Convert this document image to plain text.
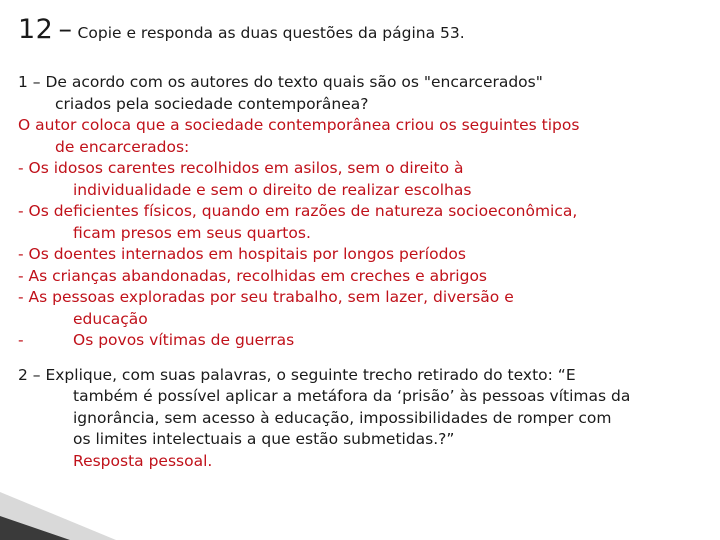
12 – Copie e responda as duas questões da página 53.
1 – De acordo com os autores do texto quais são os "encarcerados"
criados pela sociedade contemporânea?
O autor coloca que a sociedade contemporânea criou os seguintes tipos
de encarcerados:
- Os idosos carentes recolhidos em asilos, sem o direito à
individualidade e sem o direito de realizar escolhas
- Os deficientes físicos, quando em razões de natureza socioeconômica,
ficam presos em seus quartos.
- Os doentes internados em hospitais por longos períodos
- As crianças abandonadas, recolhidas em creches e abrigos
- As pessoas exploradas por seu trabalho, sem lazer, diversão e
educação
-	Os povos vítimas de guerras
2 – Explique, com suas palavras, o seguinte trecho retirado do texto: “E
também é possível aplicar a metáfora da ‘prisão’ às pessoas vítimas da
ignorância, sem acesso à educação, impossibilidades de romper com
os limites intelectuais a que estão submetidas.?”
Resposta pessoal.
